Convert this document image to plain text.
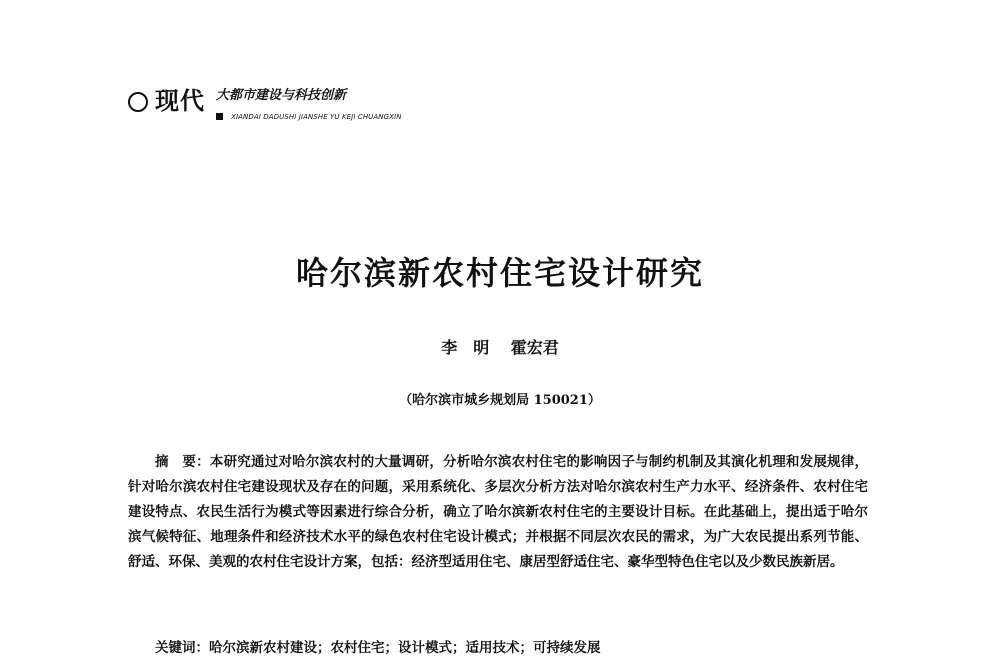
现代 大都市建设与科技创新
XIANDAI DADUSHI JIANSHE YU KEJI CHUANGXIN
哈尔滨新农村住宅设计研究
李　明　 霍宏君
（哈尔滨市城乡规划局 150021）
摘　要：本研究通过对哈尔滨农村的大量调研，分析哈尔滨农村住宅的影响因子与制约机制及其演化机理和发展规律，针对哈尔滨农村住宅建设现状及存在的问题，采用系统化、多层次分析方法对哈尔滨农村生产力水平、经济条件、农村住宅建设特点、农民生活行为模式等因素进行综合分析，确立了哈尔滨新农村住宅的主要设计目标。在此基础上，提出适于哈尔滨气候特征、地理条件和经济技术水平的绿色农村住宅设计模式；并根据不同层次农民的需求，为广大农民提出系列节能、舒适、环保、美观的农村住宅设计方案，包括：经济型适用住宅、康居型舒适住宅、豪华型特色住宅以及少数民族新居。
关键词：哈尔滨新农村建设；农村住宅；设计模式；适用技术；可持续发展
